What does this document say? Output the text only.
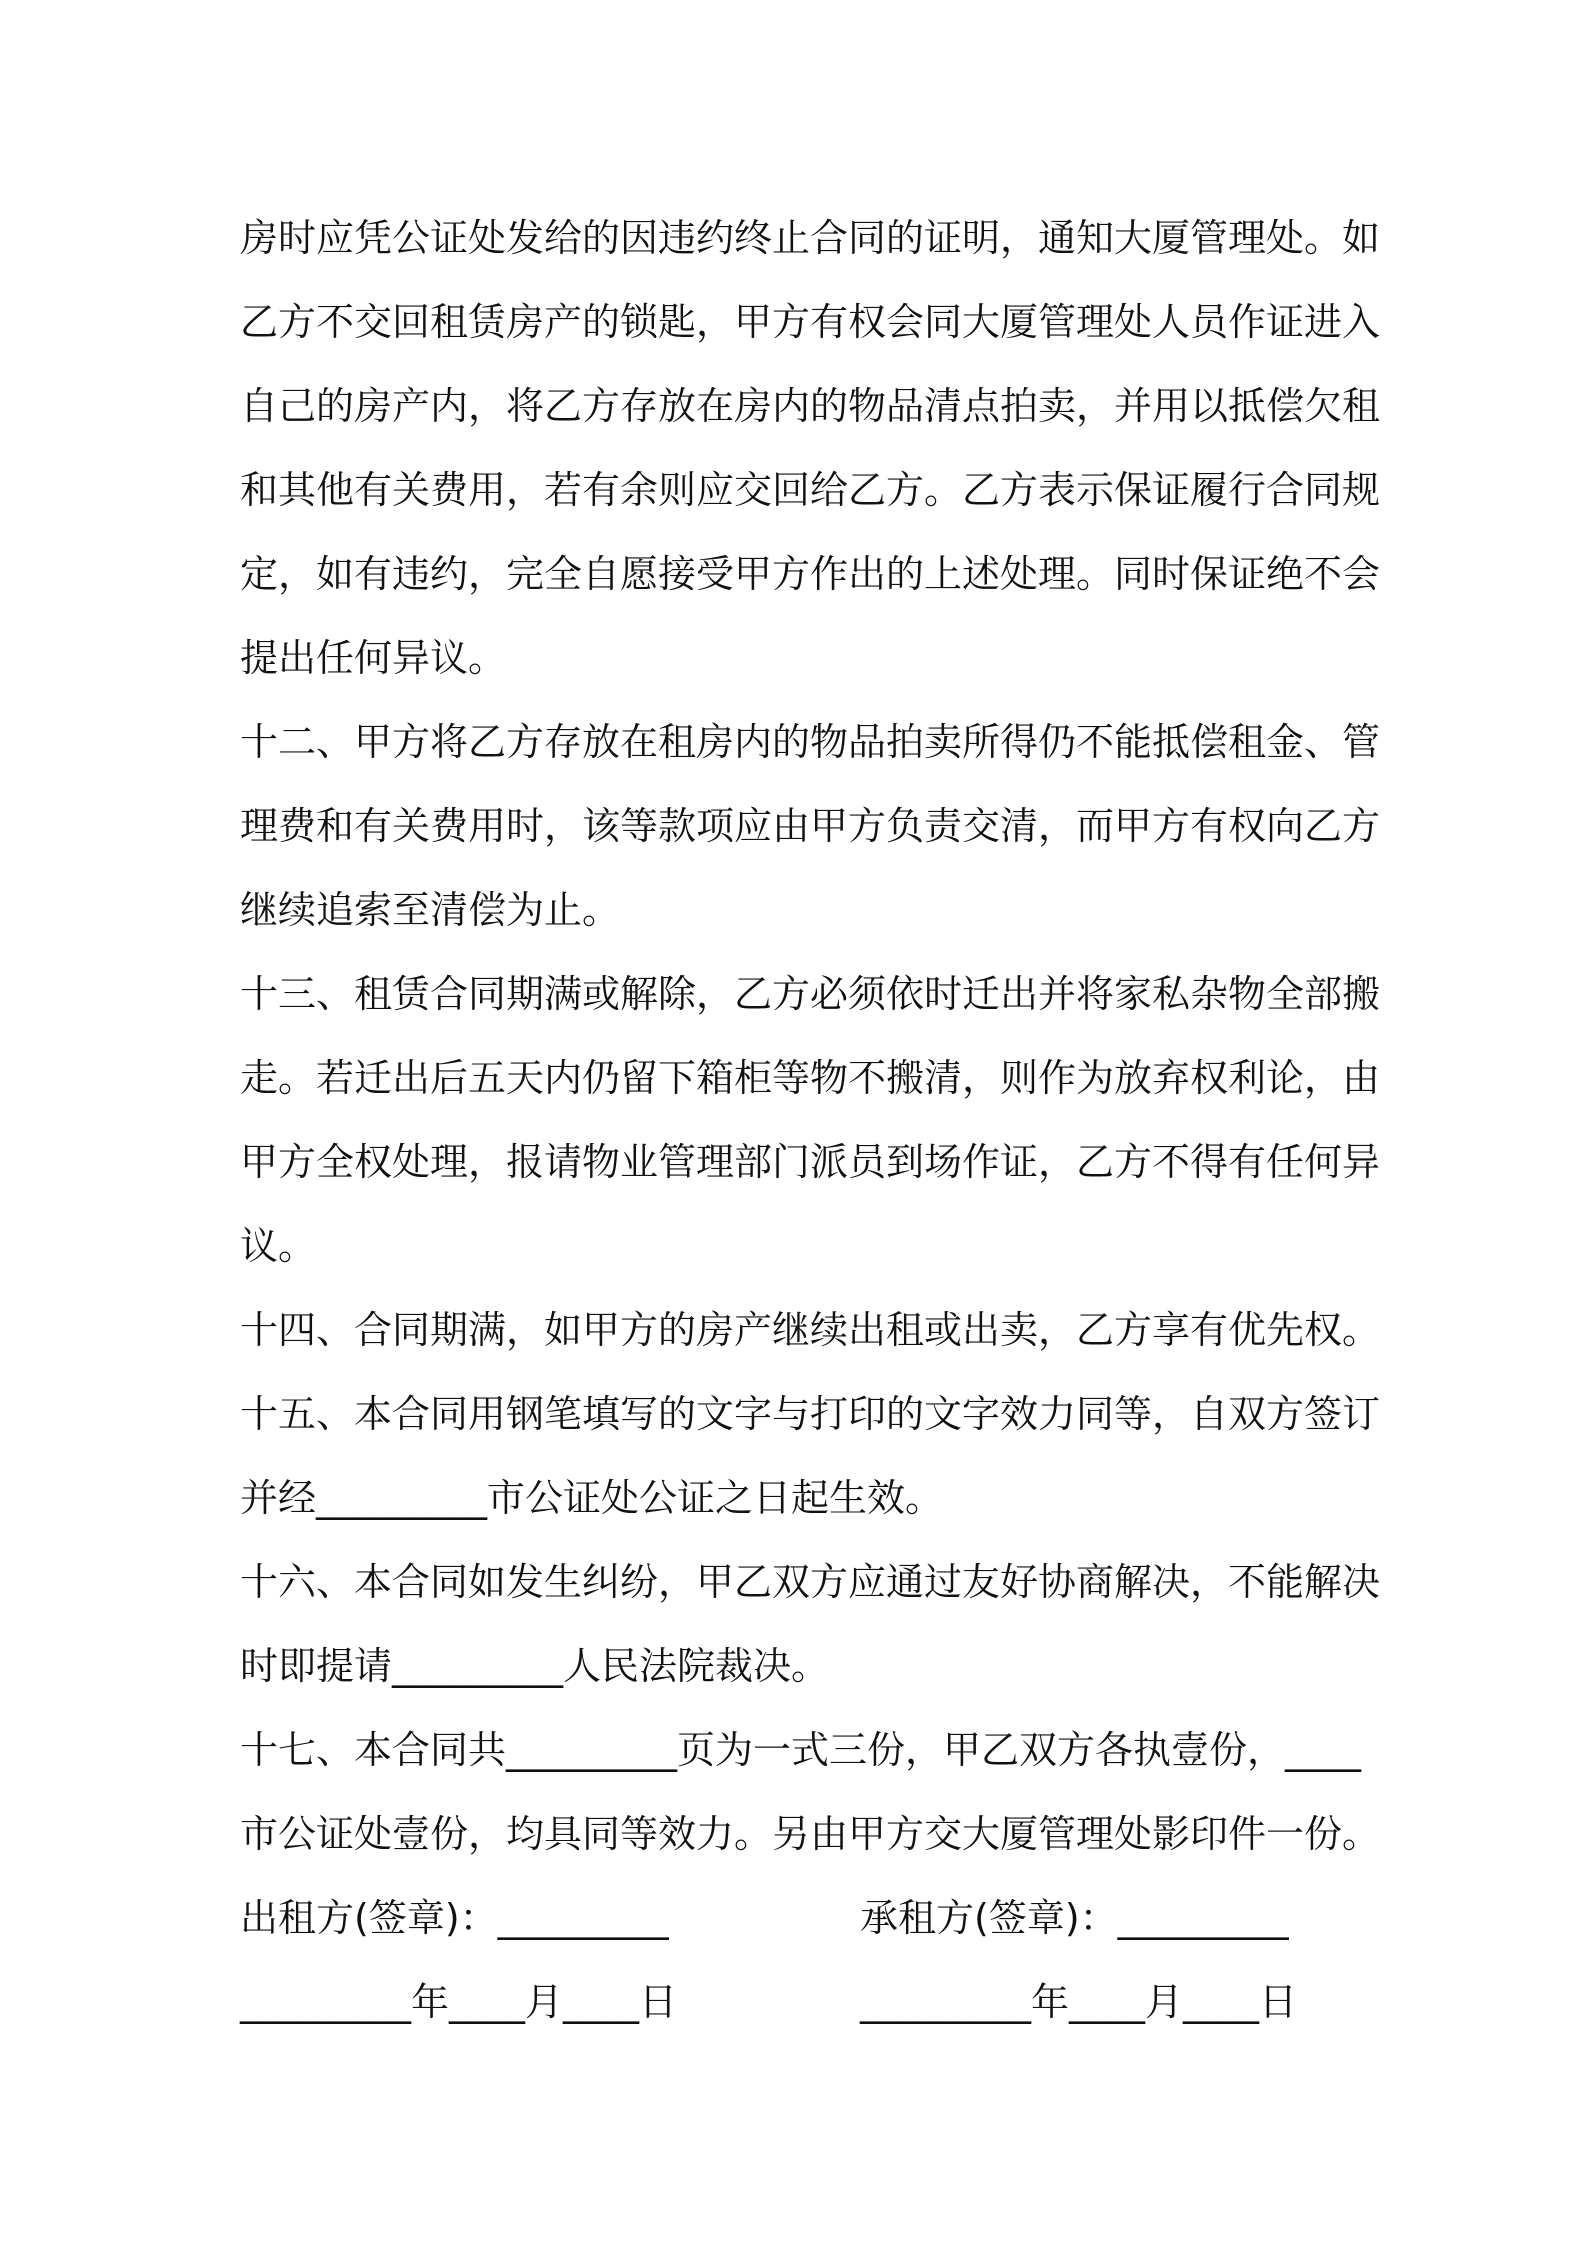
房时应凭公证处发给的因违约终止合同的证明，通知大厦管理处。如
乙方不交回租赁房产的锁匙，甲方有权会同大厦管理处人员作证进入
自己的房产内，将乙方存放在房内的物品清点拍卖，并用以抵偿欠租
和其他有关费用，若有余则应交回给乙方。乙方表示保证履行合同规
定，如有违约，完全自愿接受甲方作出的上述处理。同时保证绝不会
提出任何异议。
十二、甲方将乙方存放在租房内的物品拍卖所得仍不能抵偿租金、管
理费和有关费用时，该等款项应由甲方负责交清，而甲方有权向乙方
继续追索至清偿为止。
十三、租赁合同期满或解除，乙方必须依时迁出并将家私杂物全部搬
走。若迁出后五天内仍留下箱柜等物不搬清，则作为放弃权利论，由
甲方全权处理，报请物业管理部门派员到场作证，乙方不得有任何异
议。
十四、合同期满，如甲方的房产继续出租或出卖，乙方享有优先权。
十五、本合同用钢笔填写的文字与打印的文字效力同等，自双方签订
并经_________市公证处公证之日起生效。
十六、本合同如发生纠纷，甲乙双方应通过友好协商解决，不能解决
时即提请_________人民法院裁决。
十七、本合同共_________页为一式三份，甲乙双方各执壹份，____
市公证处壹份，均具同等效力。另由甲方交大厦管理处影印件一份。
出租方(签章)：_________	承租方(签章)：_________
_________年____月____日	_________年____月____日
